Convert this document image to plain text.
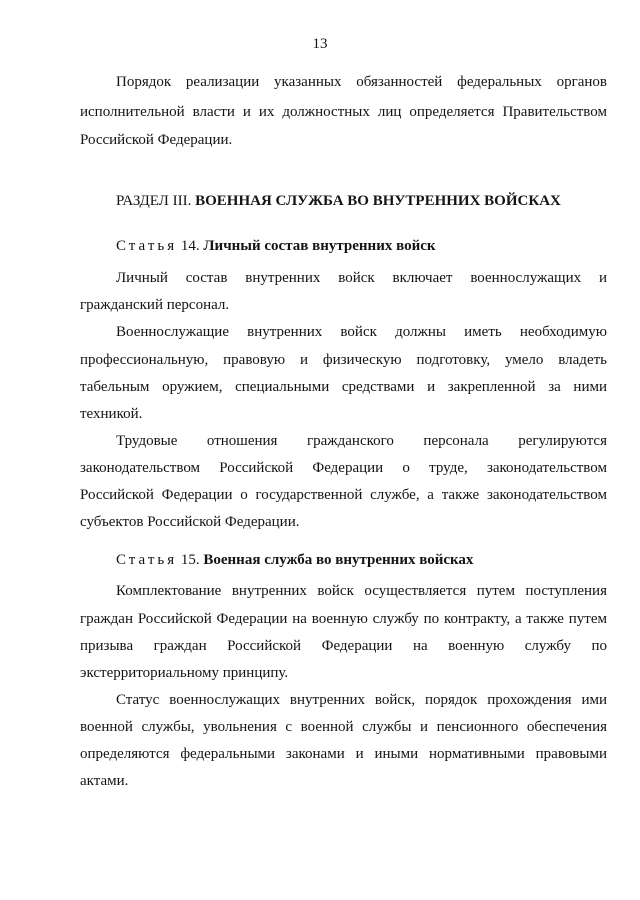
13
Порядок реализации указанных обязанностей федеральных органов
исполнительной власти и их должностных лиц определяется Правительством
Российской Федерации.
РАЗДЕЛ III. ВОЕННАЯ СЛУЖБА ВО ВНУТРЕННИХ ВОЙСКАХ
Статья 14. Личный состав внутренних войск
Личный состав внутренних войск включает военнослужащих и
гражданский персонал.
Военнослужащие внутренних войск должны иметь необходимую
профессиональную, правовую и физическую подготовку, умело владеть
табельным оружием, специальными средствами и закрепленной за ними
техникой.
Трудовые отношения гражданского персонала регулируются
законодательством Российской Федерации о труде, законодательством
Российской Федерации о государственной службе, а также законодательством
субъектов Российской Федерации.
Статья 15. Военная служба во внутренних войсках
Комплектование внутренних войск осуществляется путем поступления
граждан Российской Федерации на военную службу по контракту, а также путем
призыва граждан Российской Федерации на военную службу по
экстерриториальному принципу.
Статус военнослужащих внутренних войск, порядок прохождения ими
военной службы, увольнения с военной службы и пенсионного обеспечения
определяются федеральными законами и иными нормативными правовыми
актами.
